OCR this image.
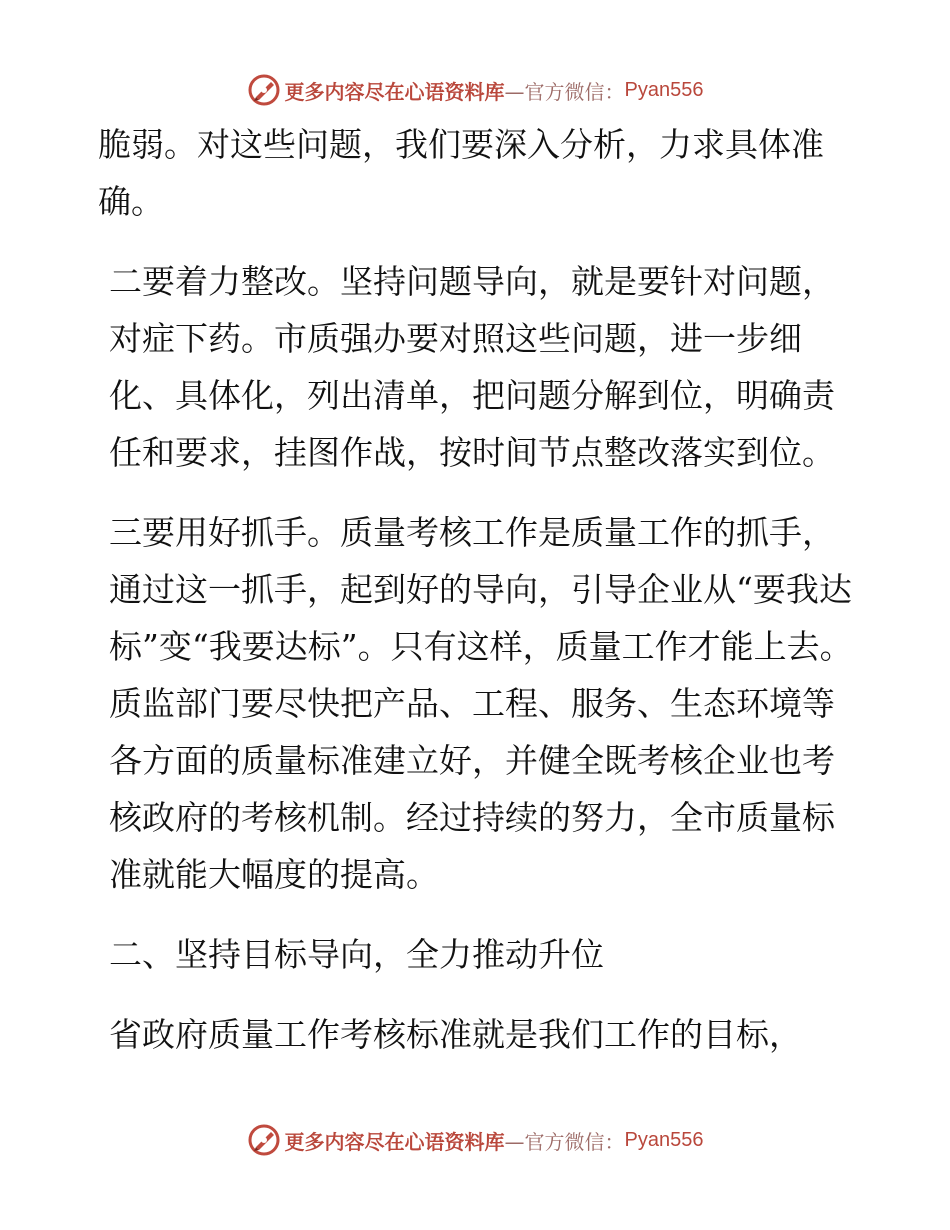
更多内容尽在心语资料库 —官方微信： Pyan556

脆弱。对这些问题，我们要深入分析，力求具体准确。

二要着力整改。坚持问题导向，就是要针对问题，对症下药。市质强办要对照这些问题，进一步细化、具体化，列出清单，把问题分解到位，明确责任和要求，挂图作战，按时间节点整改落实到位。

三要用好抓手。质量考核工作是质量工作的抓手，通过这一抓手，起到好的导向，引导企业从“要我达标”变“我要达标”。只有这样，质量工作才能上去。质监部门要尽快把产品、工程、服务、生态环境等各方面的质量标准建立好，并健全既考核企业也考核政府的考核机制。经过持续的努力，全市质量标准就能大幅度的提高。

二、坚持目标导向，全力推动升位

省政府质量工作考核标准就是我们工作的目标，

更多内容尽在心语资料库 —官方微信： Pyan556
